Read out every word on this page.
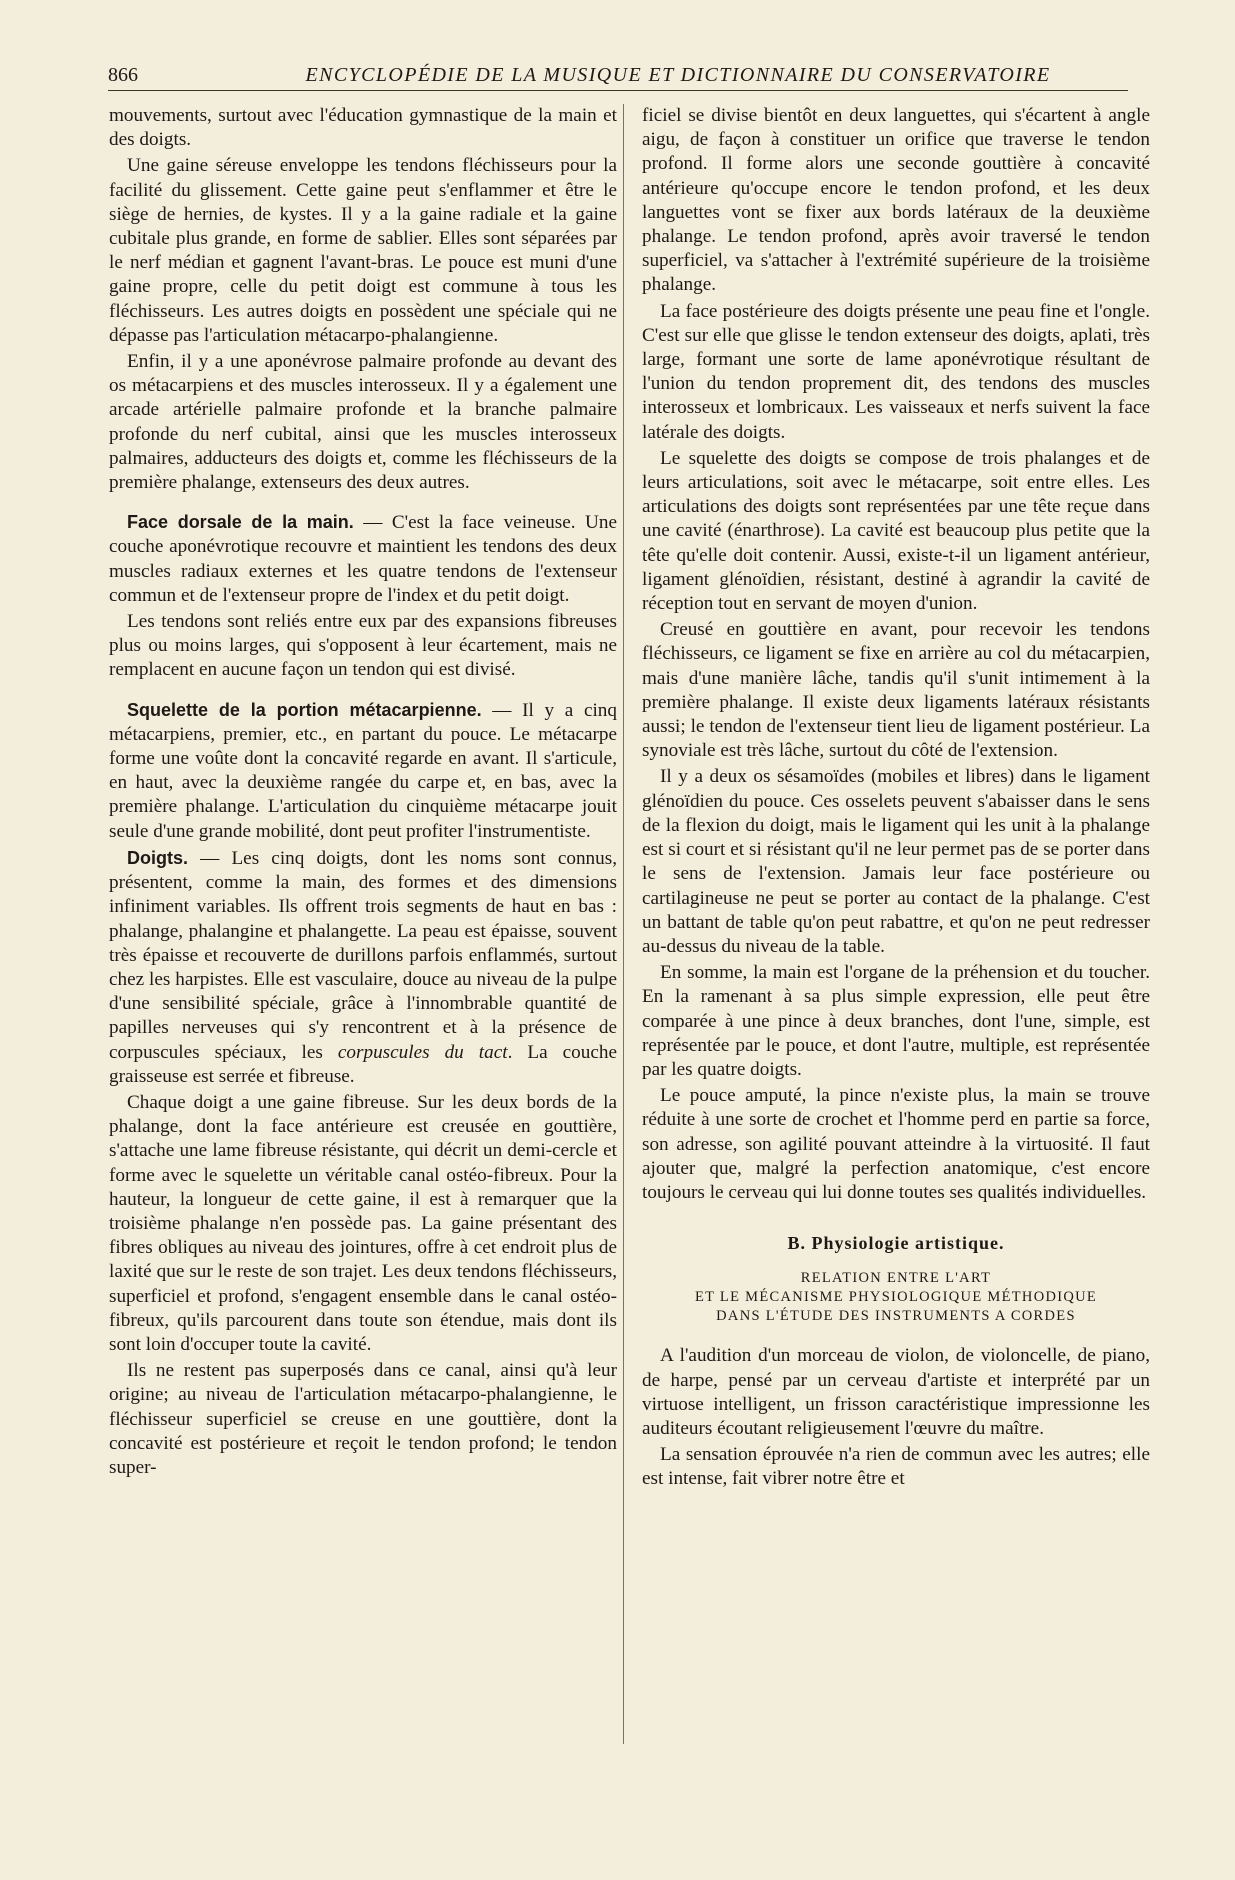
866	ENCYCLOPÉDIE DE LA MUSIQUE ET DICTIONNAIRE DU CONSERVATOIRE

mouvements, surtout avec l'éducation gymnastique de la main et des doigts.

Une gaine séreuse enveloppe les tendons fléchisseurs pour la facilité du glissement. Cette gaine peut s'enflammer et être le siège de hernies, de kystes. Il y a la gaine radiale et la gaine cubitale plus grande, en forme de sablier. Elles sont séparées par le nerf médian et gagnent l'avant-bras. Le pouce est muni d'une gaine propre, celle du petit doigt est commune à tous les fléchisseurs. Les autres doigts en possèdent une spéciale qui ne dépasse pas l'articulation métacarpo-phalangienne.

Enfin, il y a une aponévrose palmaire profonde au devant des os métacarpiens et des muscles interosseux. Il y a également une arcade artérielle palmaire profonde et la branche palmaire profonde du nerf cubital, ainsi que les muscles interosseux palmaires, adducteurs des doigts et, comme les fléchisseurs de la première phalange, extenseurs des deux autres.

Face dorsale de la main. — C'est la face veineuse. Une couche aponévrotique recouvre et maintient les tendons des deux muscles radiaux externes et les quatre tendons de l'extenseur commun et de l'extenseur propre de l'index et du petit doigt.

Les tendons sont reliés entre eux par des expansions fibreuses plus ou moins larges, qui s'opposent à leur écartement, mais ne remplacent en aucune façon un tendon qui est divisé.

Squelette de la portion métacarpienne. — Il y a cinq métacarpiens, premier, etc., en partant du pouce. Le métacarpe forme une voûte dont la concavité regarde en avant. Il s'articule, en haut, avec la deuxième rangée du carpe et, en bas, avec la première phalange. L'articulation du cinquième métacarpe jouit seule d'une grande mobilité, dont peut profiter l'instrumentiste.

Doigts. — Les cinq doigts, dont les noms sont connus, présentent, comme la main, des formes et des dimensions infiniment variables. Ils offrent trois segments de haut en bas : phalange, phalangine et phalangette. La peau est épaisse, souvent très épaisse et recouverte de durillons parfois enflammés, surtout chez les harpistes. Elle est vasculaire, douce au niveau de la pulpe d'une sensibilité spéciale, grâce à l'innombrable quantité de papilles nerveuses qui s'y rencontrent et à la présence de corpuscules spéciaux, les corpuscules du tact. La couche graisseuse est serrée et fibreuse.

Chaque doigt a une gaine fibreuse. Sur les deux bords de la phalange, dont la face antérieure est creusée en gouttière, s'attache une lame fibreuse résistante, qui décrit un demi-cercle et forme avec le squelette un véritable canal ostéo-fibreux. Pour la hauteur, la longueur de cette gaine, il est à remarquer que la troisième phalange n'en possède pas. La gaine présentant des fibres obliques au niveau des jointures, offre à cet endroit plus de laxité que sur le reste de son trajet. Les deux tendons fléchisseurs, superficiel et profond, s'engagent ensemble dans le canal ostéo-fibreux, qu'ils parcourent dans toute son étendue, mais dont ils sont loin d'occuper toute la cavité.

Ils ne restent pas superposés dans ce canal, ainsi qu'à leur origine; au niveau de l'articulation métacarpo-phalangienne, le fléchisseur superficiel se creuse en une gouttière, dont la concavité est postérieure et reçoit le tendon profond; le tendon super-

ficiel se divise bientôt en deux languettes, qui s'écartent à angle aigu, de façon à constituer un orifice que traverse le tendon profond. Il forme alors une seconde gouttière à concavité antérieure qu'occupe encore le tendon profond, et les deux languettes vont se fixer aux bords latéraux de la deuxième phalange. Le tendon profond, après avoir traversé le tendon superficiel, va s'attacher à l'extrémité supérieure de la troisième phalange.

La face postérieure des doigts présente une peau fine et l'ongle. C'est sur elle que glisse le tendon extenseur des doigts, aplati, très large, formant une sorte de lame aponévrotique résultant de l'union du tendon proprement dit, des tendons des muscles interosseux et lombricaux. Les vaisseaux et nerfs suivent la face latérale des doigts.

Le squelette des doigts se compose de trois phalanges et de leurs articulations, soit avec le métacarpe, soit entre elles. Les articulations des doigts sont représentées par une tête reçue dans une cavité (énarthrose). La cavité est beaucoup plus petite que la tête qu'elle doit contenir. Aussi, existe-t-il un ligament antérieur, ligament glénoïdien, résistant, destiné à agrandir la cavité de réception tout en servant de moyen d'union.

Creusé en gouttière en avant, pour recevoir les tendons fléchisseurs, ce ligament se fixe en arrière au col du métacarpien, mais d'une manière lâche, tandis qu'il s'unit intimement à la première phalange. Il existe deux ligaments latéraux résistants aussi; le tendon de l'extenseur tient lieu de ligament postérieur. La synoviale est très lâche, surtout du côté de l'extension.

Il y a deux os sésamoïdes (mobiles et libres) dans le ligament glénoïdien du pouce. Ces osselets peuvent s'abaisser dans le sens de la flexion du doigt, mais le ligament qui les unit à la phalange est si court et si résistant qu'il ne leur permet pas de se porter dans le sens de l'extension. Jamais leur face postérieure ou cartilagineuse ne peut se porter au contact de la phalange. C'est un battant de table qu'on peut rabattre, et qu'on ne peut redresser au-dessus du niveau de la table.

En somme, la main est l'organe de la préhension et du toucher. En la ramenant à sa plus simple expression, elle peut être comparée à une pince à deux branches, dont l'une, simple, est représentée par le pouce, et dont l'autre, multiple, est représentée par les quatre doigts.

Le pouce amputé, la pince n'existe plus, la main se trouve réduite à une sorte de crochet et l'homme perd en partie sa force, son adresse, son agilité pouvant atteindre à la virtuosité. Il faut ajouter que, malgré la perfection anatomique, c'est encore toujours le cerveau qui lui donne toutes ses qualités individuelles.

B. Physiologie artistique.
RELATION ENTRE L'ART
ET LE MÉCANISME PHYSIOLOGIQUE MÉTHODIQUE
DANS L'ÉTUDE DES INSTRUMENTS A CORDES

A l'audition d'un morceau de violon, de violoncelle, de piano, de harpe, pensé par un cerveau d'artiste et interprété par un virtuose intelligent, un frisson caractéristique impressionne les auditeurs écoutant religieusement l'œuvre du maître.

La sensation éprouvée n'a rien de commun avec les autres; elle est intense, fait vibrer notre être et
